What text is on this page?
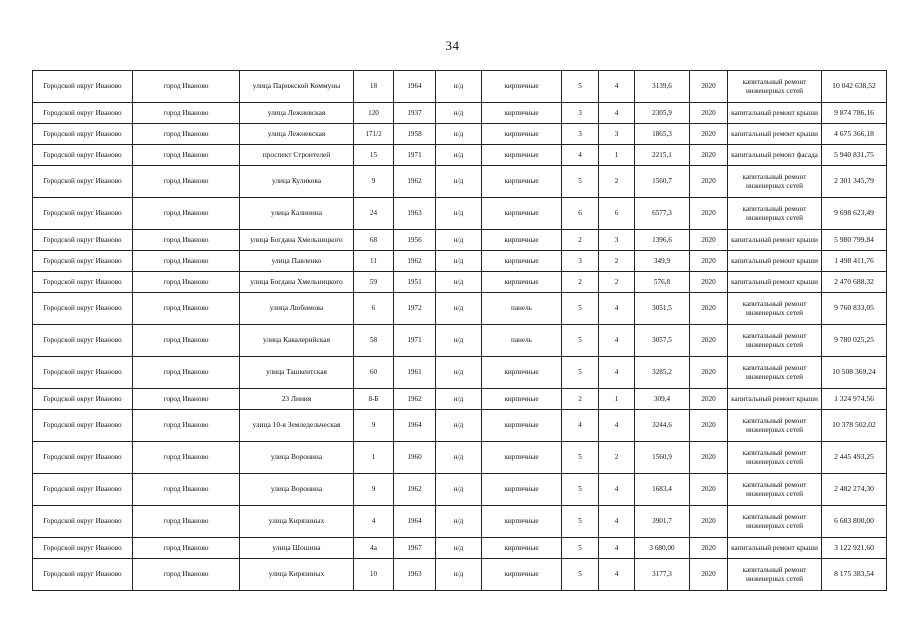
34
Городской округ Иваново	город Иваново	улица Парижской Коммуны	18	1964	н/д	кирпичные	5	4	3139,6	2020	капитальный ремонт инженерных сетей	10 042 638,52
Городской округ Иваново	город Иваново	улица Лежневская	120	1937	н/д	кирпичные	3	4	2305,9	2020	капитальный ремонт крыши	9 874 786,16
Городской округ Иваново	город Иваново	улица Лежневская	171/2	1958	н/д	кирпичные	3	3	1865,3	2020	капитальный ремонт крыши	4 675 366,18
Городской округ Иваново	город Иваново	проспект Строителей	15	1971	н/д	кирпичные	4	1	2215,1	2020	капитальный ремонт фасада	5 940 831,75
Городской округ Иваново	город Иваново	улица Куликова	9	1962	н/д	кирпичные	5	2	1560,7	2020	капитальный ремонт инженерных сетей	2 301 345,79
Городской округ Иваново	город Иваново	улица Калинина	24	1963	н/д	кирпичные	6	6	6577,3	2020	капитальный ремонт инженерных сетей	9 698 623,49
Городской округ Иваново	город Иваново	улица Богдана Хмельницкого	68	1956	н/д	кирпичные	2	3	1396,6	2020	капитальный ремонт крыши	5 980 799,84
Городской округ Иваново	город Иваново	улица Павленко	11	1962	н/д	кирпичные	3	2	349,9	2020	капитальный ремонт крыши	1 498 411,76
Городской округ Иваново	город Иваново	улица Богдана Хмельницкого	59	1951	н/д	кирпичные	2	2	576,8	2020	капитальный ремонт крыши	2 470 688,32
Городской округ Иваново	город Иваново	улица Любимова	6	1972	н/д	панель	5	4	3051,5	2020	капитальный ремонт инженерных сетей	9 760 833,05
Городской округ Иваново	город Иваново	улица Кавалерийская	58	1971	н/д	панель	5	4	3057,5	2020	капитальный ремонт инженерных сетей	9 780 025,25
Городской округ Иваново	город Иваново	улица Ташкентская	60	1961	н/д	кирпичные	5	4	3285,2	2020	капитальный ремонт инженерных сетей	10 508 369,24
Городской округ Иваново	город Иваново	23 Линия	8-Б	1962	н/д	кирпичные	2	1	309,4	2020	капитальный ремонт крыши	1 324 974,56
Городской округ Иваново	город Иваново	улица 10-я Земледельческая	9	1964	н/д	кирпичные	4	4	3244,6	2020	капитальный ремонт инженерных сетей	10 378 502,02
Городской округ Иваново	город Иваново	улица Воронина	1	1960	н/д	кирпичные	5	2	1560,9	2020	капитальный ремонт инженерных сетей	2 445 493,25
Городской округ Иваново	город Иваново	улица Воронина	9	1962	н/д	кирпичные	5	4	1683,4	2020	капитальный ремонт инженерных сетей	2 482 274,30
Городской округ Иваново	город Иваново	улица Кирязиных	4	1964	н/д	кирпичные	5	4	3901,7	2020	капитальный ремонт инженерных сетей	6 683 800,00
Городской округ Иваново	город Иваново	улица Шошина	4а	1967	н/д	кирпичные	5	4	3 680,00	2020	капитальный ремонт крыши	3 122 921,60
Городской округ Иваново	город Иваново	улица Кирязиных	10	1963	н/д	кирпичные	5	4	3177,3	2020	капитальный ремонт инженерных сетей	8 175 383,54
